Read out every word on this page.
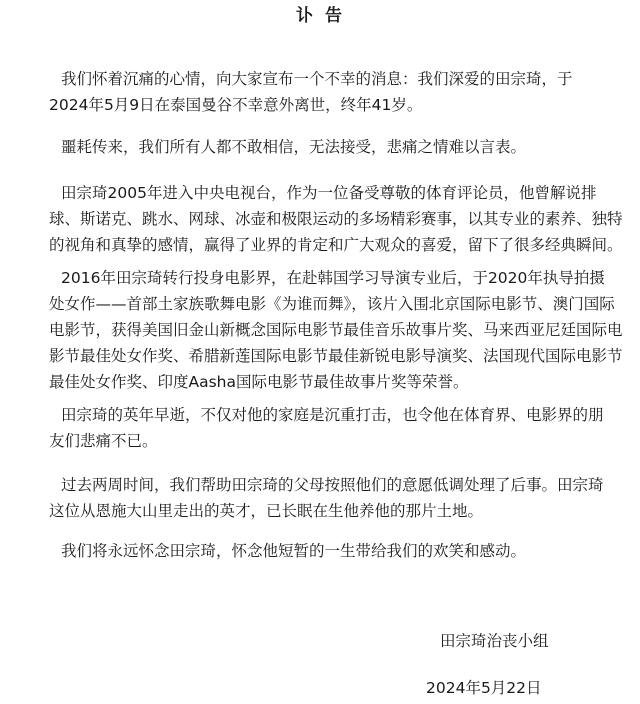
讣告
我们怀着沉痛的心情，向大家宣布一个不幸的消息：我们深爱的田宗琦，于
2024年5月9日在泰国曼谷不幸意外离世，终年41岁。
噩耗传来，我们所有人都不敢相信，无法接受，悲痛之情难以言表。
田宗琦2005年进入中央电视台，作为一位备受尊敬的体育评论员，他曾解说排
球、斯诺克、跳水、网球、冰壶和极限运动的多场精彩赛事，以其专业的素养、独特
的视角和真挚的感情，赢得了业界的肯定和广大观众的喜爱，留下了很多经典瞬间。
2016年田宗琦转行投身电影界，在赴韩国学习导演专业后，于2020年执导拍摄
处女作——首部土家族歌舞电影《为谁而舞》，该片入围北京国际电影节、澳门国际
电影节，获得美国旧金山新概念国际电影节最佳音乐故事片奖、马来西亚尼廷国际电
影节最佳处女作奖、希腊新莲国际电影节最佳新锐电影导演奖、法国现代国际电影节
最佳处女作奖、印度Aasha国际电影节最佳故事片奖等荣誉。
田宗琦的英年早逝，不仅对他的家庭是沉重打击，也令他在体育界、电影界的朋
友们悲痛不已。
过去两周时间，我们帮助田宗琦的父母按照他们的意愿低调处理了后事。田宗琦
这位从恩施大山里走出的英才，已长眠在生他养他的那片土地。
我们将永远怀念田宗琦，怀念他短暂的一生带给我们的欢笑和感动。
田宗琦治丧小组
2024年5月22日
